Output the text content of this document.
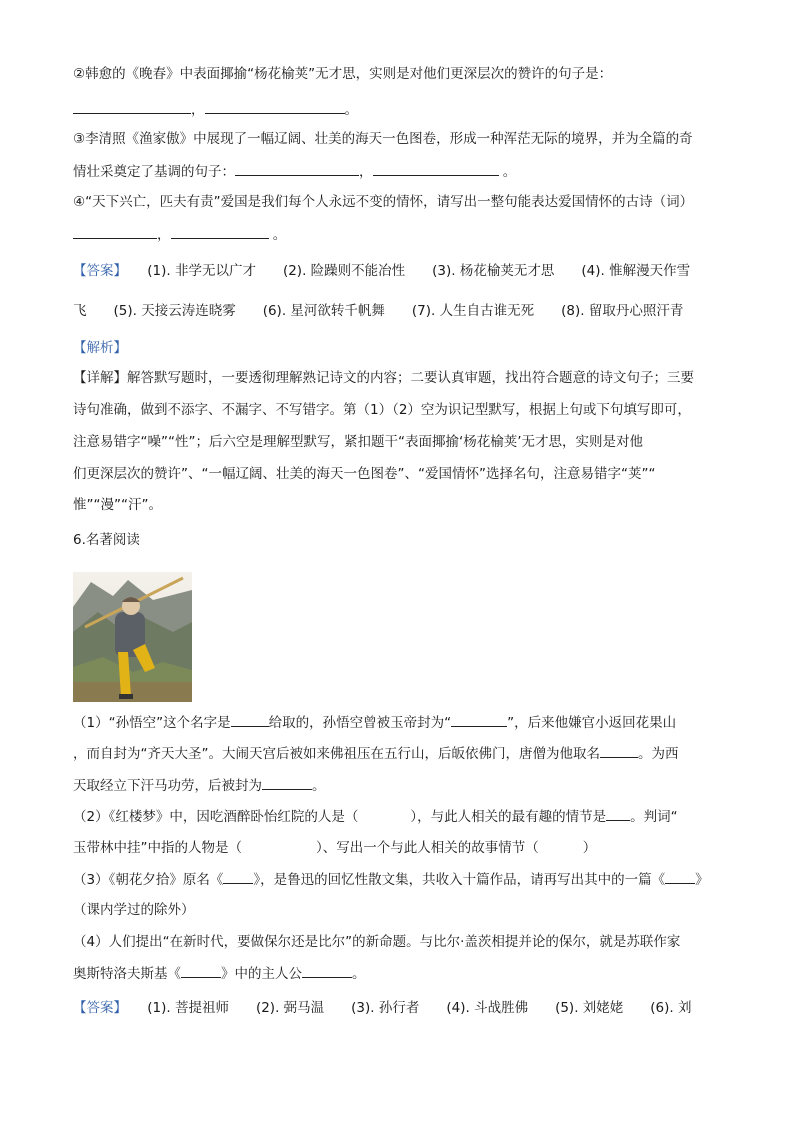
②韩愈的《晚春》中表面揶揄“杨花榆荚”无才思，实则是对他们更深层次的赞许的句子是：
，	。
③李清照《渔家傲》中展现了一幅辽阔、壮美的海天一色图卷，形成一种浑茫无际的境界，并为全篇的奇
情壮采奠定了基调的句子：	，	。
④“天下兴亡，匹夫有责”爱国是我们每个人永远不变的情怀，请写出一整句能表达爱国情怀的古诗（词）
，	。
【答案】　　 (1). 非学无以广才　　(2). 险躁则不能冶性　　(3). 杨花榆荚无才思　　(4). 惟解漫天作雪
飞　　(5). 天接云涛连晓雾　　(6). 星河欲转千帆舞　　(7). 人生自古谁无死　　(8). 留取丹心照汗青
【解析】
【详解】解答默写题时，一要透彻理解熟记诗文的内容；二要认真审题，找出符合题意的诗文句子；三要
诗句准确，做到不添字、不漏字、不写错字。第（1）（2）空为识记型默写，根据上句或下句填写即可，
注意易错字“噪”“性”；后六空是理解型默写，紧扣题干“表面揶揄‘杨花榆荚’无才思，实则是对他
们更深层次的赞许”、“一幅辽阔、壮美的海天一色图卷”、“爱国情怀”选择名句，注意易错字“荚”“
惟”“漫”“汗”。
6.名著阅读
（1）“孙悟空”这个名字是	给取的，孙悟空曾被玉帝封为“	”，后来他嫌官小返回花果山
，而自封为“齐天大圣”。大闹天宫后被如来佛祖压在五行山，后皈依佛门，唐僧为他取名	。为西
天取经立下汗马功劳，后被封为	。
（2）《红楼梦》中，因吃酒醉卧怡红院的人是（	），与此人相关的最有趣的情节是 。判词“
玉带林中挂”中指的人物是（	）、写出一个与此人相关的故事情节（	）
（3）《朝花夕拾》原名《 》，是鲁迅的回忆性散文集，共收入十篇作品，请再写出其中的一篇《 》
（课内学过的除外）
（4）人们提出“在新时代，要做保尔还是比尔”的新命题。与比尔·盖茨相提并论的保尔，就是苏联作家
奥斯特洛夫斯基《	》中的主人公	。
【答案】　　 (1). 菩提祖师　　(2). 弼马温　　(3). 孙行者　　(4). 斗战胜佛　　(5). 刘姥姥　　(6). 刘
